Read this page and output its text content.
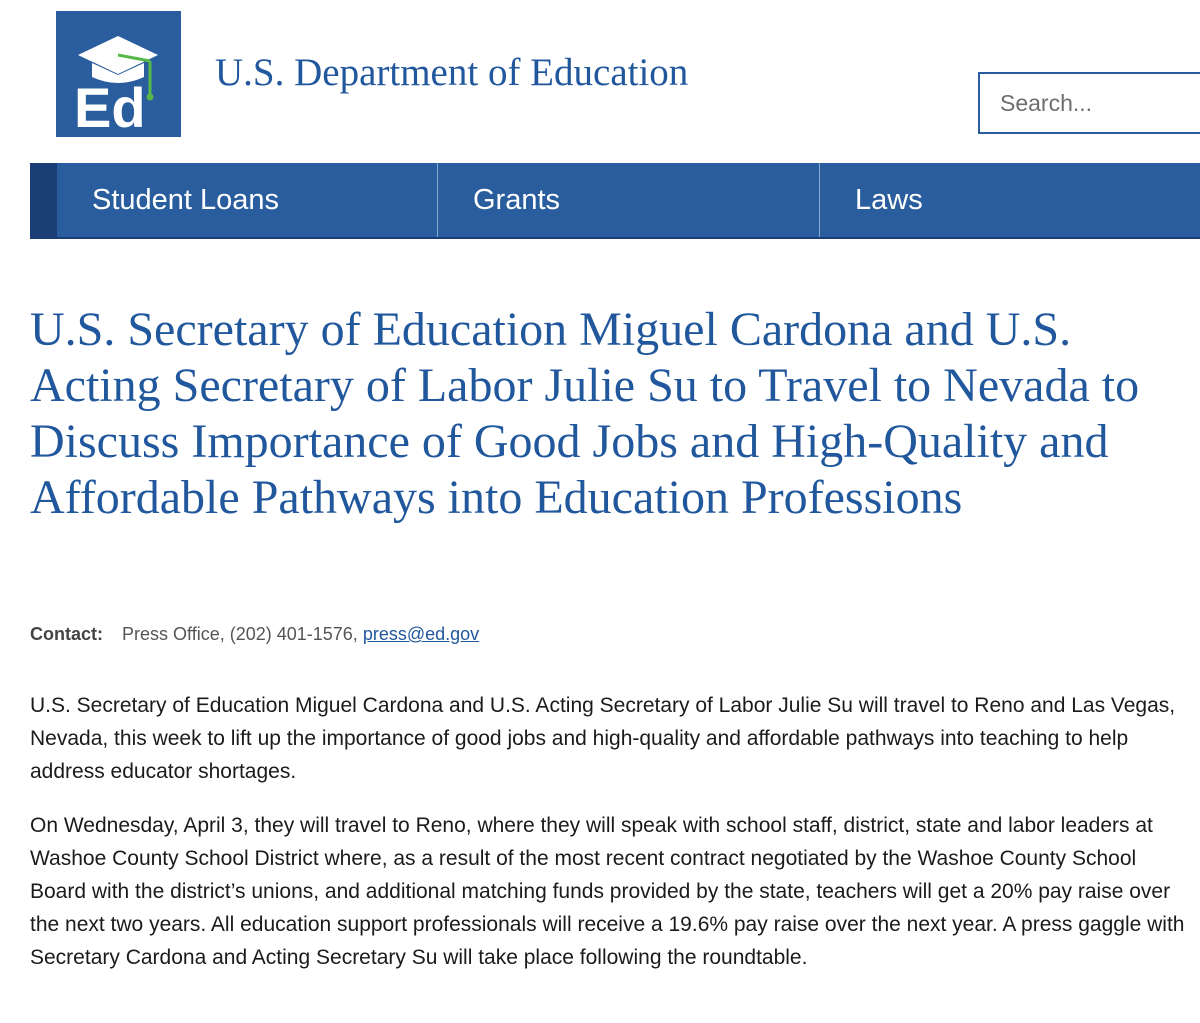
Ed
U.S. Department of Education
Search...
Student Loans	Grants	Laws
U.S. Secretary of Education Miguel Cardona and U.S. Acting Secretary of Labor Julie Su to Travel to Nevada to Discuss Importance of Good Jobs and High-Quality and Affordable Pathways into Education Professions
Contact: Press Office, (202) 401-1576, press@ed.gov

U.S. Secretary of Education Miguel Cardona and U.S. Acting Secretary of Labor Julie Su will travel to Reno and Las Vegas, Nevada, this week to lift up the importance of good jobs and high-quality and affordable pathways into teaching to help address educator shortages.

On Wednesday, April 3, they will travel to Reno, where they will speak with school staff, district, state and labor leaders at Washoe County School District where, as a result of the most recent contract negotiated by the Washoe County School Board with the district’s unions, and additional matching funds provided by the state, teachers will get a 20% pay raise over the next two years. All education support professionals will receive a 19.6% pay raise over the next year. A press gaggle with Secretary Cardona and Acting Secretary Su will take place following the roundtable.
